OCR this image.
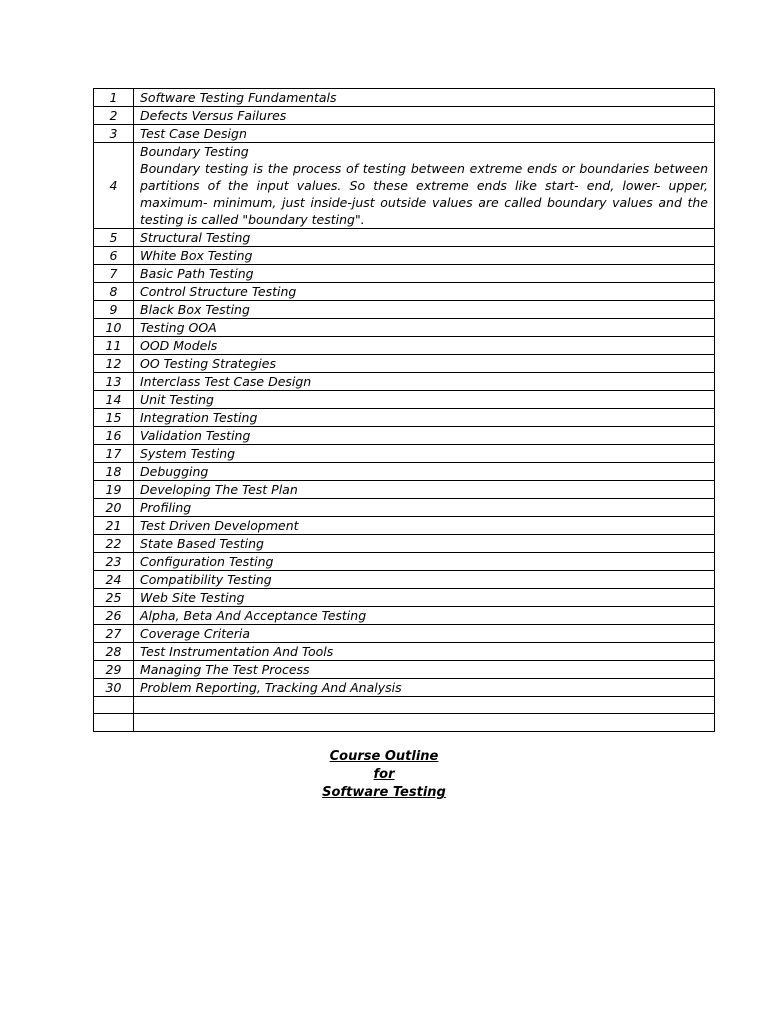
1	Software Testing Fundamentals
2	Defects Versus Failures
3	Test Case Design
4	Boundary Testing
Boundary testing is the process of testing between extreme ends or boundaries between partitions of the input values. So these extreme ends like start- end, lower- upper, maximum- minimum, just inside-just outside values are called boundary values and the testing is called "boundary testing".

5	Structural Testing
6	White Box Testing
7	Basic Path Testing
8	Control Structure Testing
9	Black Box Testing
10	Testing OOA
11	OOD Models
12	OO Testing Strategies
13	Interclass Test Case Design
14	Unit Testing
15	Integration Testing
16	Validation Testing
17	System Testing
18	Debugging
19	Developing The Test Plan
20	Profiling
21	Test Driven Development
22	State Based Testing
23	Configuration Testing
24	Compatibility Testing
25	Web Site Testing
26	Alpha, Beta And Acceptance Testing
27	Coverage Criteria
28	Test Instrumentation And Tools
29	Managing The Test Process
30	Problem Reporting, Tracking And Analysis

Course Outline
for
Software Testing
